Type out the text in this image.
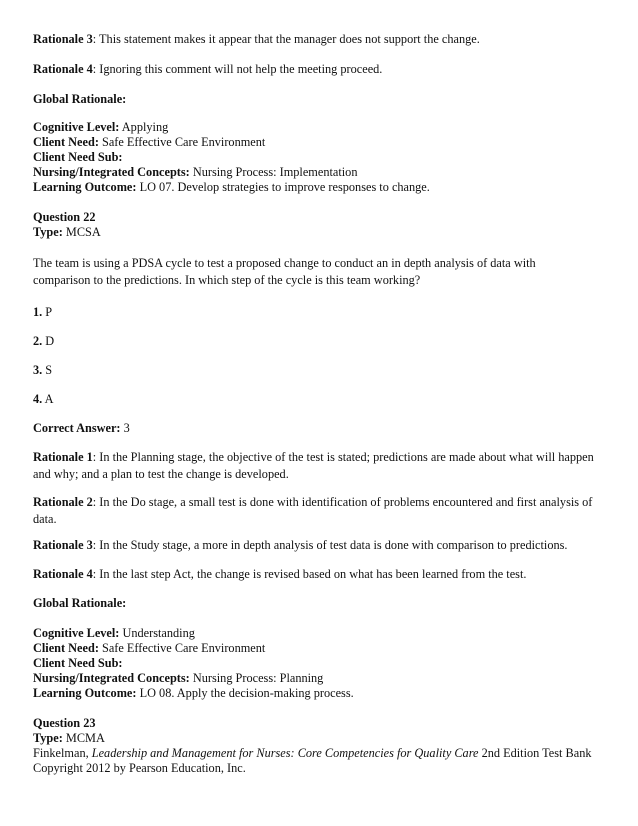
Rationale 3: This statement makes it appear that the manager does not support the change.

Rationale 4: Ignoring this comment will not help the meeting proceed.

Global Rationale:

Cognitive Level: Applying

Client Need: Safe Effective Care Environment

Client Need Sub:

Nursing/Integrated Concepts: Nursing Process: Implementation

Learning Outcome: LO 07. Develop strategies to improve responses to change.

Question 22

Type: MCSA

The team is using a PDSA cycle to test a proposed change to conduct an in depth analysis of data with

comparison to the predictions. In which step of the cycle is this team working?

1. P

2. D

3. S

4. A

Correct Answer: 3

Rationale 1: In the Planning stage, the objective of the test is stated; predictions are made about what will happen

and why; and a plan to test the change is developed.

Rationale 2: In the Do stage, a small test is done with identification of problems encountered and first analysis of

data.

Rationale 3: In the Study stage, a more in depth analysis of test data is done with comparison to predictions.

Rationale 4: In the last step Act, the change is revised based on what has been learned from the test.

Global Rationale:

Cognitive Level: Understanding

Client Need: Safe Effective Care Environment

Client Need Sub:

Nursing/Integrated Concepts: Nursing Process: Planning

Learning Outcome: LO 08. Apply the decision-making process.

Question 23

Type: MCMA

Finkelman, Leadership and Management for Nurses: Core Competencies for Quality Care 2nd Edition Test Bank

Copyright 2012 by Pearson Education, Inc.
